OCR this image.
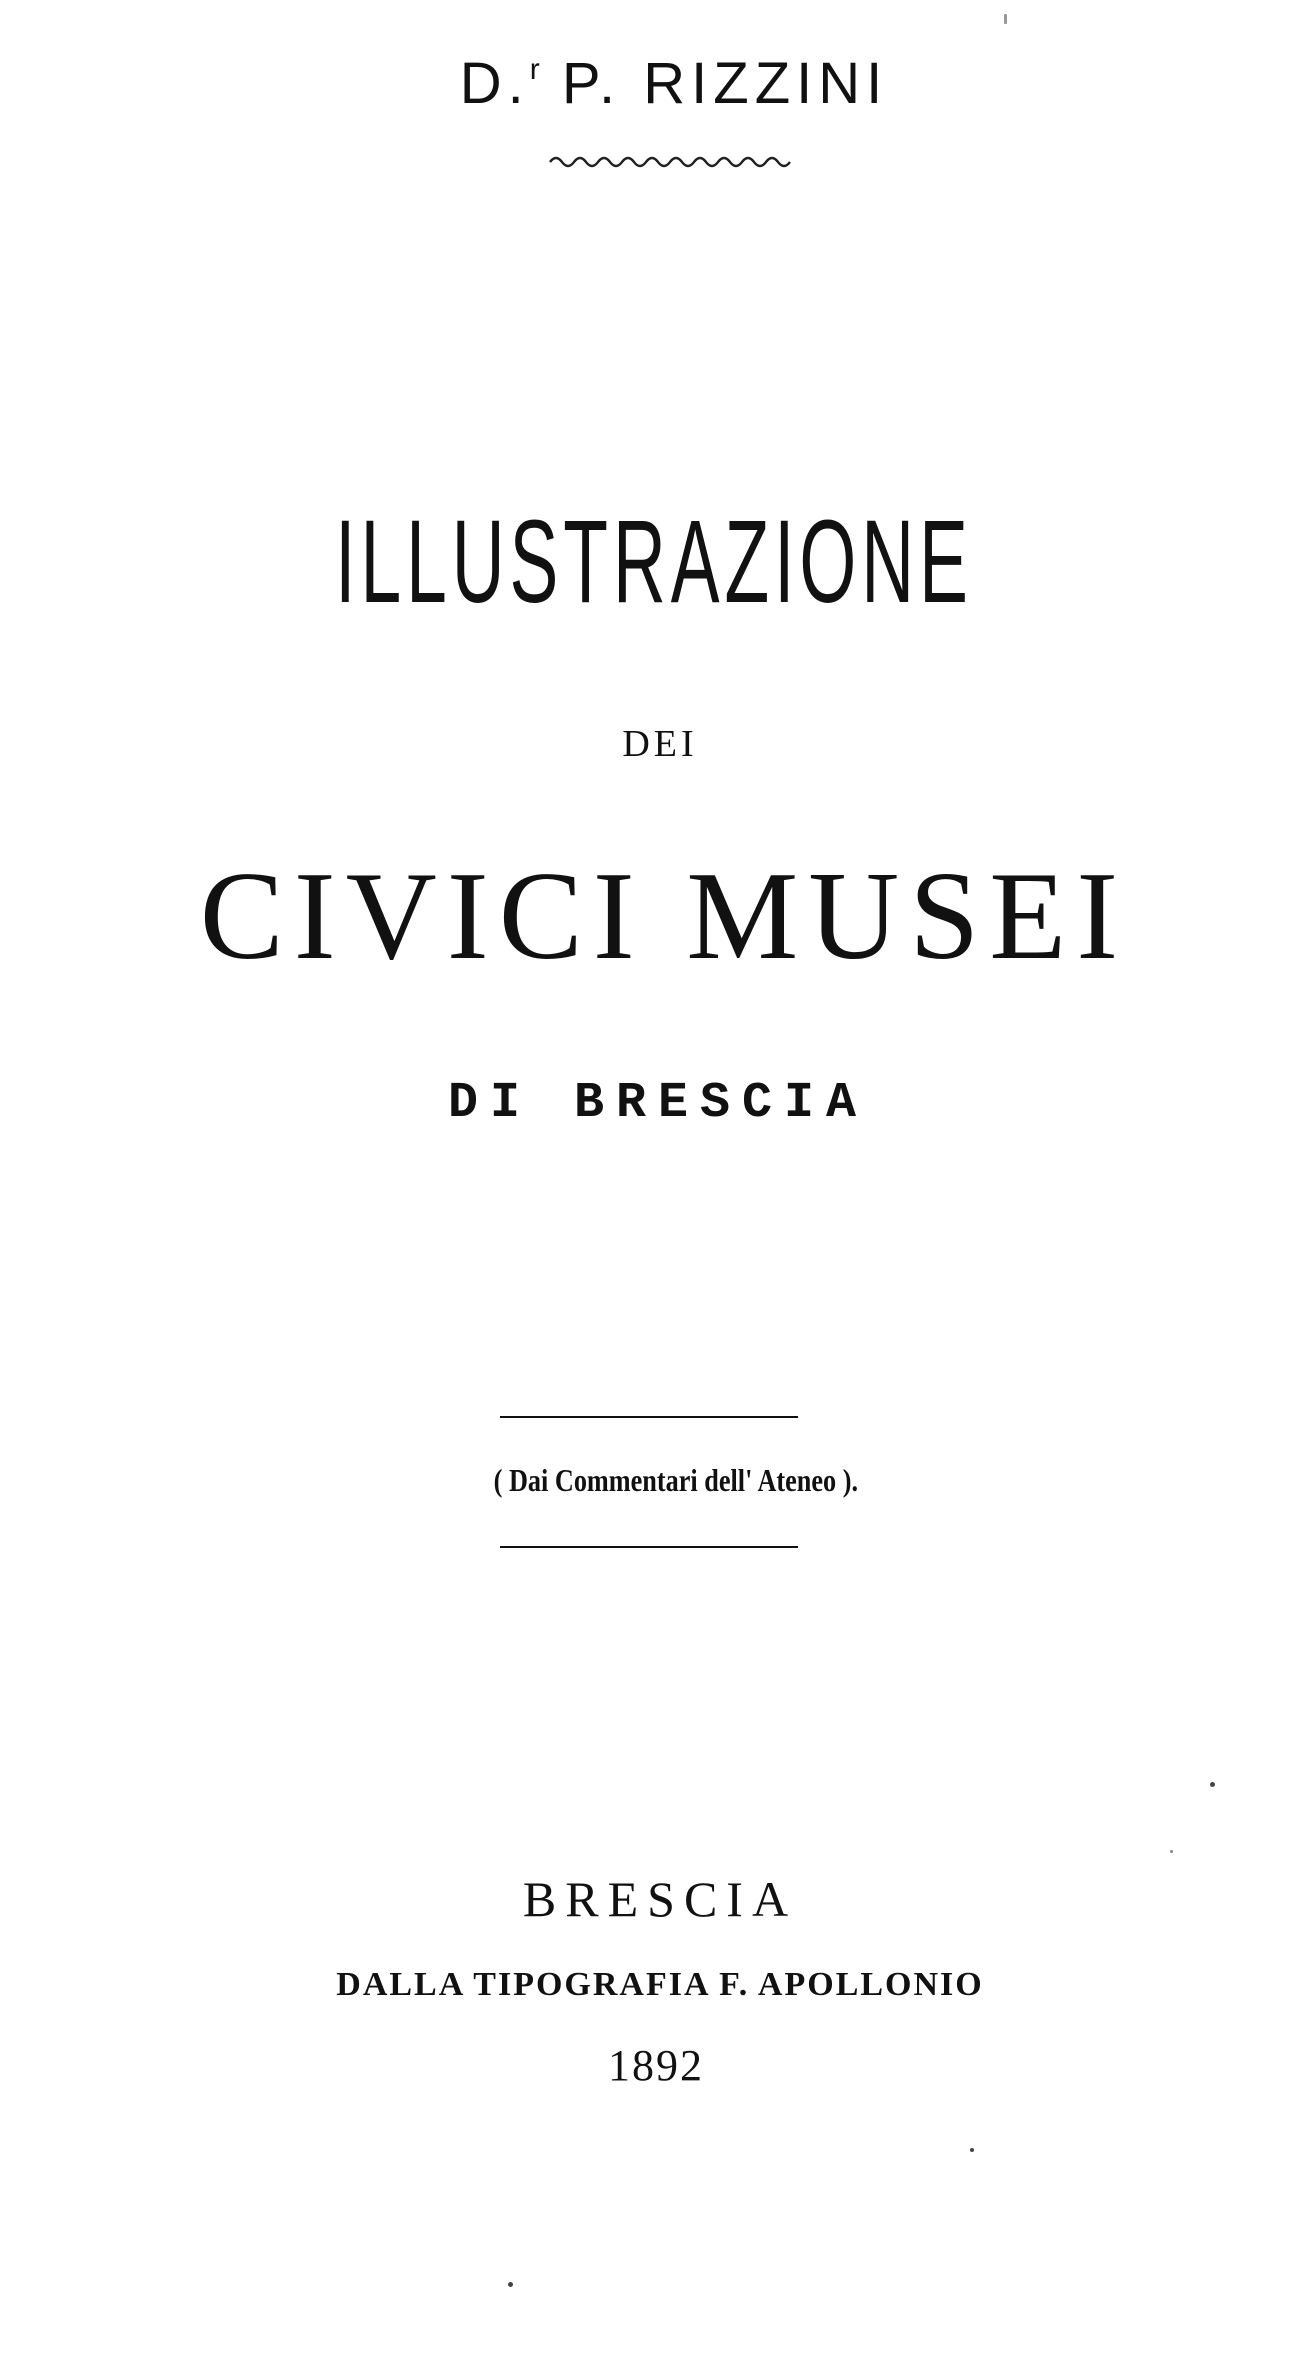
D.$^r$ P. RIZZINI
ILLUSTRAZIONE
DEI
CIVICI MUSEI
DI BRESCIA
( Dai Commentari dell' Ateneo ).
BRESCIA
DALLA TIPOGRAFIA F. APOLLONIO
1892
